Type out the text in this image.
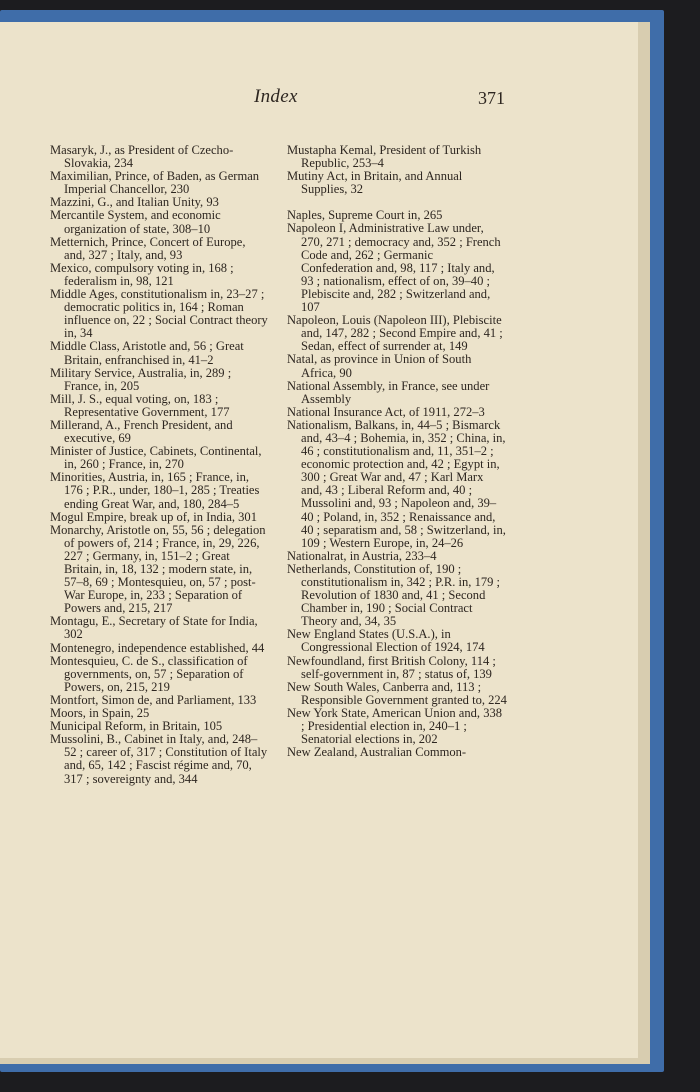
Index	371

Masaryk, J., as President of Czecho-Slovakia, 234

Maximilian, Prince, of Baden, as German Imperial Chancellor, 230

Mazzini, G., and Italian Unity, 93

Mercantile System, and economic organization of state, 308–10

Metternich, Prince, Concert of Europe, and, 327 ; Italy, and, 93

Mexico, compulsory voting in, 168 ; federalism in, 98, 121

Middle Ages, constitutionalism in, 23–27 ; democratic politics in, 164 ; Roman influence on, 22 ; Social Contract theory in, 34

Middle Class, Aristotle and, 56 ; Great Britain, enfranchised in, 41–2

Military Service, Australia, in, 289 ; France, in, 205

Mill, J. S., equal voting, on, 183 ; Representative Government, 177

Millerand, A., French President, and executive, 69

Minister of Justice, Cabinets, Continental, in, 260 ; France, in, 270

Minorities, Austria, in, 165 ; France, in, 176 ; P.R., under, 180–1, 285 ; Treaties ending Great War, and, 180, 284–5

Mogul Empire, break up of, in India, 301

Monarchy, Aristotle on, 55, 56 ; delegation of powers of, 214 ; France, in, 29, 226, 227 ; Germany, in, 151–2 ; Great Britain, in, 18, 132 ; modern state, in, 57–8, 69 ; Montesquieu, on, 57 ; post-War Europe, in, 233 ; Separation of Powers and, 215, 217

Montagu, E., Secretary of State for India, 302

Montenegro, independence established, 44

Montesquieu, C. de S., classification of governments, on, 57 ; Separation of Powers, on, 215, 219

Montfort, Simon de, and Parliament, 133

Moors, in Spain, 25

Municipal Reform, in Britain, 105

Mussolini, B., Cabinet in Italy, and, 248–52 ; career of, 317 ; Constitution of Italy and, 65, 142 ; Fascist régime and, 70, 317 ; sovereignty and, 344

Mustapha Kemal, President of Turkish Republic, 253–4

Mutiny Act, in Britain, and Annual Supplies, 32

Naples, Supreme Court in, 265

Napoleon I, Administrative Law under, 270, 271 ; democracy and, 352 ; French Code and, 262 ; Germanic Confederation and, 98, 117 ; Italy and, 93 ; nationalism, effect of on, 39–40 ; Plebiscite and, 282 ; Switzerland and, 107

Napoleon, Louis (Napoleon III), Plebiscite and, 147, 282 ; Second Empire and, 41 ; Sedan, effect of surrender at, 149

Natal, as province in Union of South Africa, 90

National Assembly, in France, see under Assembly

National Insurance Act, of 1911, 272–3

Nationalism, Balkans, in, 44–5 ; Bismarck and, 43–4 ; Bohemia, in, 352 ; China, in, 46 ; constitutionalism and, 11, 351–2 ; economic protection and, 42 ; Egypt in, 300 ; Great War and, 47 ; Karl Marx and, 43 ; Liberal Reform and, 40 ; Mussolini and, 93 ; Napoleon and, 39–40 ; Poland, in, 352 ; Renaissance and, 40 ; separatism and, 58 ; Switzerland, in, 109 ; Western Europe, in, 24–26

Nationalrat, in Austria, 233–4

Netherlands, Constitution of, 190 ; constitutionalism in, 342 ; P.R. in, 179 ; Revolution of 1830 and, 41 ; Second Chamber in, 190 ; Social Contract Theory and, 34, 35

New England States (U.S.A.), in Congressional Election of 1924, 174

Newfoundland, first British Colony, 114 ; self-government in, 87 ; status of, 139

New South Wales, Canberra and, 113 ; Responsible Government granted to, 224

New York State, American Union and, 338 ; Presidential election in, 240–1 ; Senatorial elections in, 202

New Zealand, Australian Common-
